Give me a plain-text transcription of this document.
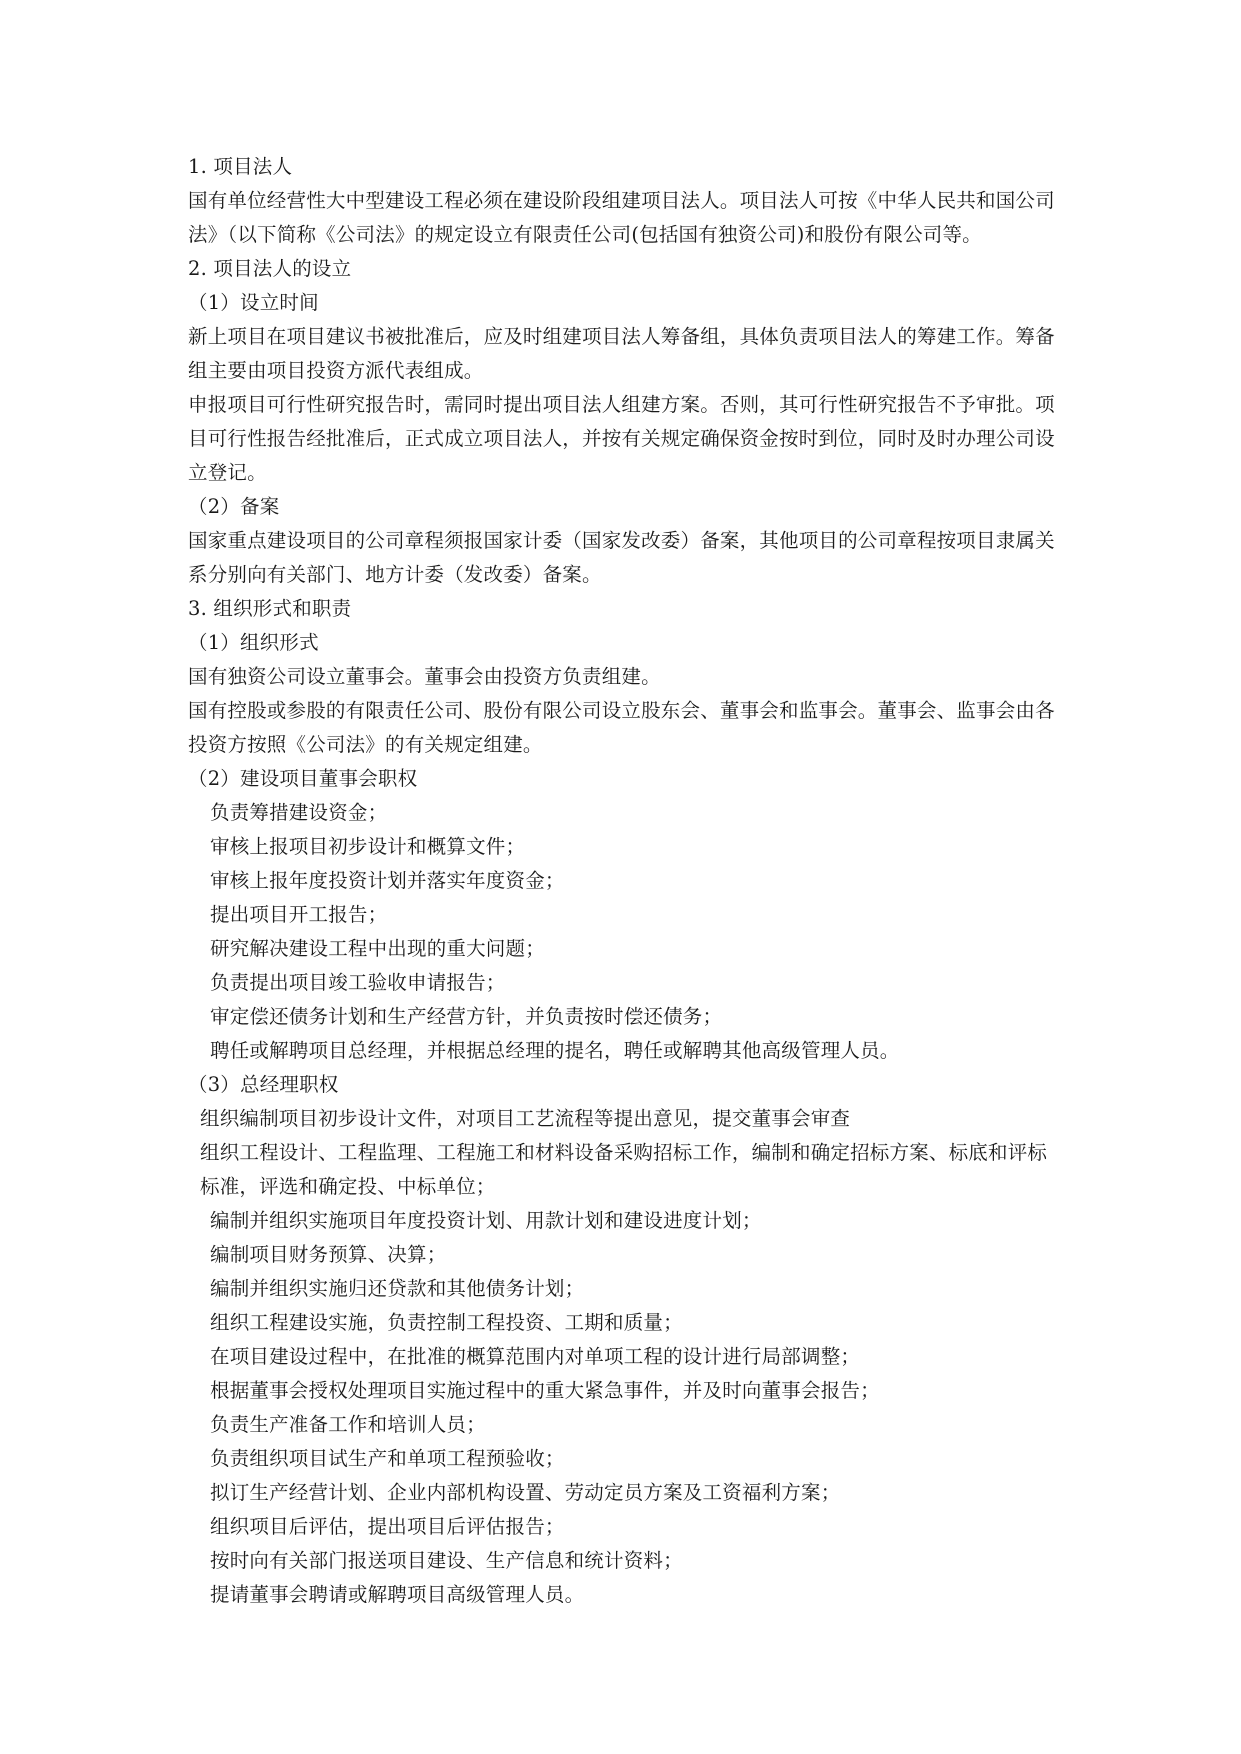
1. 项目法人
国有单位经营性大中型建设工程必须在建设阶段组建项目法人。项目法人可按《中华人民共和国公司法》（以下简称《公司法》的规定设立有限责任公司(包括国有独资公司)和股份有限公司等。
2. 项目法人的设立
（1）设立时间
新上项目在项目建议书被批准后，应及时组建项目法人筹备组，具体负责项目法人的筹建工作。筹备组主要由项目投资方派代表组成。
申报项目可行性研究报告时，需同时提出项目法人组建方案。否则，其可行性研究报告不予审批。项目可行性报告经批准后，正式成立项目法人，并按有关规定确保资金按时到位，同时及时办理公司设立登记。
（2）备案
国家重点建设项目的公司章程须报国家计委（国家发改委）备案，其他项目的公司章程按项目隶属关系分别向有关部门、地方计委（发改委）备案。
3. 组织形式和职责
（1）组织形式
国有独资公司设立董事会。董事会由投资方负责组建。
国有控股或参股的有限责任公司、股份有限公司设立股东会、董事会和监事会。董事会、监事会由各投资方按照《公司法》的有关规定组建。
（2）建设项目董事会职权
负责筹措建设资金；
审核上报项目初步设计和概算文件；
审核上报年度投资计划并落实年度资金；
提出项目开工报告；
研究解决建设工程中出现的重大问题；
负责提出项目竣工验收申请报告；
审定偿还债务计划和生产经营方针，并负责按时偿还债务；
聘任或解聘项目总经理，并根据总经理的提名，聘任或解聘其他高级管理人员。
（3）总经理职权
组织编制项目初步设计文件，对项目工艺流程等提出意见，提交董事会审查
组织工程设计、工程监理、工程施工和材料设备采购招标工作，编制和确定招标方案、标底和评标标准，评选和确定投、中标单位；
编制并组织实施项目年度投资计划、用款计划和建设进度计划；
编制项目财务预算、决算；
编制并组织实施归还贷款和其他债务计划；
组织工程建设实施，负责控制工程投资、工期和质量；
在项目建设过程中，在批准的概算范围内对单项工程的设计进行局部调整；
根据董事会授权处理项目实施过程中的重大紧急事件，并及时向董事会报告；
负责生产准备工作和培训人员；
负责组织项目试生产和单项工程预验收；
拟订生产经营计划、企业内部机构设置、劳动定员方案及工资福利方案；
组织项目后评估，提出项目后评估报告；
按时向有关部门报送项目建设、生产信息和统计资料；
提请董事会聘请或解聘项目高级管理人员。
